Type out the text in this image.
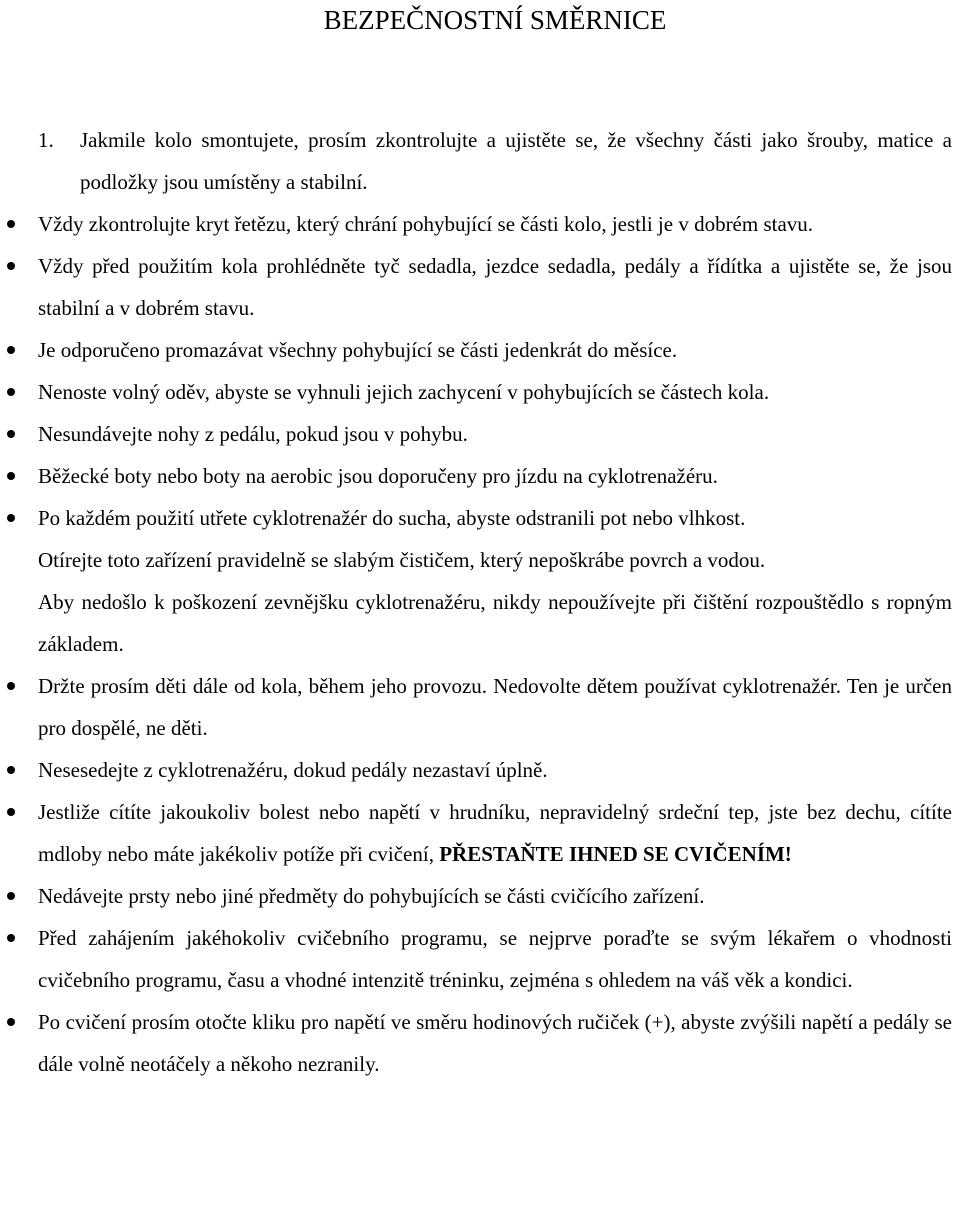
BEZPEČNOSTNÍ SMĚRNICE
1. Jakmile kolo smontujete, prosím zkontrolujte a ujistěte se, že všechny části jako šrouby, matice a podložky jsou umístěny a stabilní.
Vždy zkontrolujte kryt řetězu, který chrání pohybující se části kolo, jestli je v dobrém stavu.
Vždy před použitím kola prohlédněte tyč sedadla, jezdce sedadla, pedály a řídítka a ujistěte se, že jsou stabilní a v dobrém stavu.
Je odporučeno promazávat všechny pohybující se části jedenkrát do měsíce.
Nenoste volný oděv, abyste se vyhnuli jejich zachycení v pohybujících se částech kola.
Nesundávejte nohy z pedálu, pokud jsou v pohybu.
Běžecké boty nebo boty na aerobic jsou doporučeny pro jízdu na cyklotrenažéru.
Po každém použití utřete cyklotrenažér do sucha, abyste odstranili pot nebo vlhkost.
Otírejte toto zařízení pravidelně se slabým čističem, který nepoškrábe povrch a vodou.
Aby nedošlo k poškození zevnějšku cyklotrenažéru, nikdy nepoužívejte při čištění rozpouštědlo s ropným základem.
Držte prosím děti dále od kola, během jeho provozu. Nedovolte dětem používat cyklotrenažér. Ten je určen pro dospělé, ne děti.
Nesesedejte z cyklotrenažéru, dokud pedály nezastaví úplně.
Jestliže cítíte jakoukoliv bolest nebo napětí v hrudníku, nepravidelný srdeční tep, jste bez dechu, cítíte mdloby nebo máte jakékoliv potíže při cvičení, PŘESTAŇTE IHNED SE CVIČENÍM!
Nedávejte prsty nebo jiné předměty do pohybujících se části cvičícího zařízení.
Před zahájením jakéhokoliv cvičebního programu, se nejprve poraďte se svým lékařem o vhodnosti cvičebního programu, času a vhodné intenzitě tréninku, zejména s ohledem na váš věk a kondici.
Po cvičení prosím otočte kliku pro napětí ve směru hodinových ručiček (+), abyste zvýšili napětí a pedály se dále volně neotáčely a někoho nezranily.
